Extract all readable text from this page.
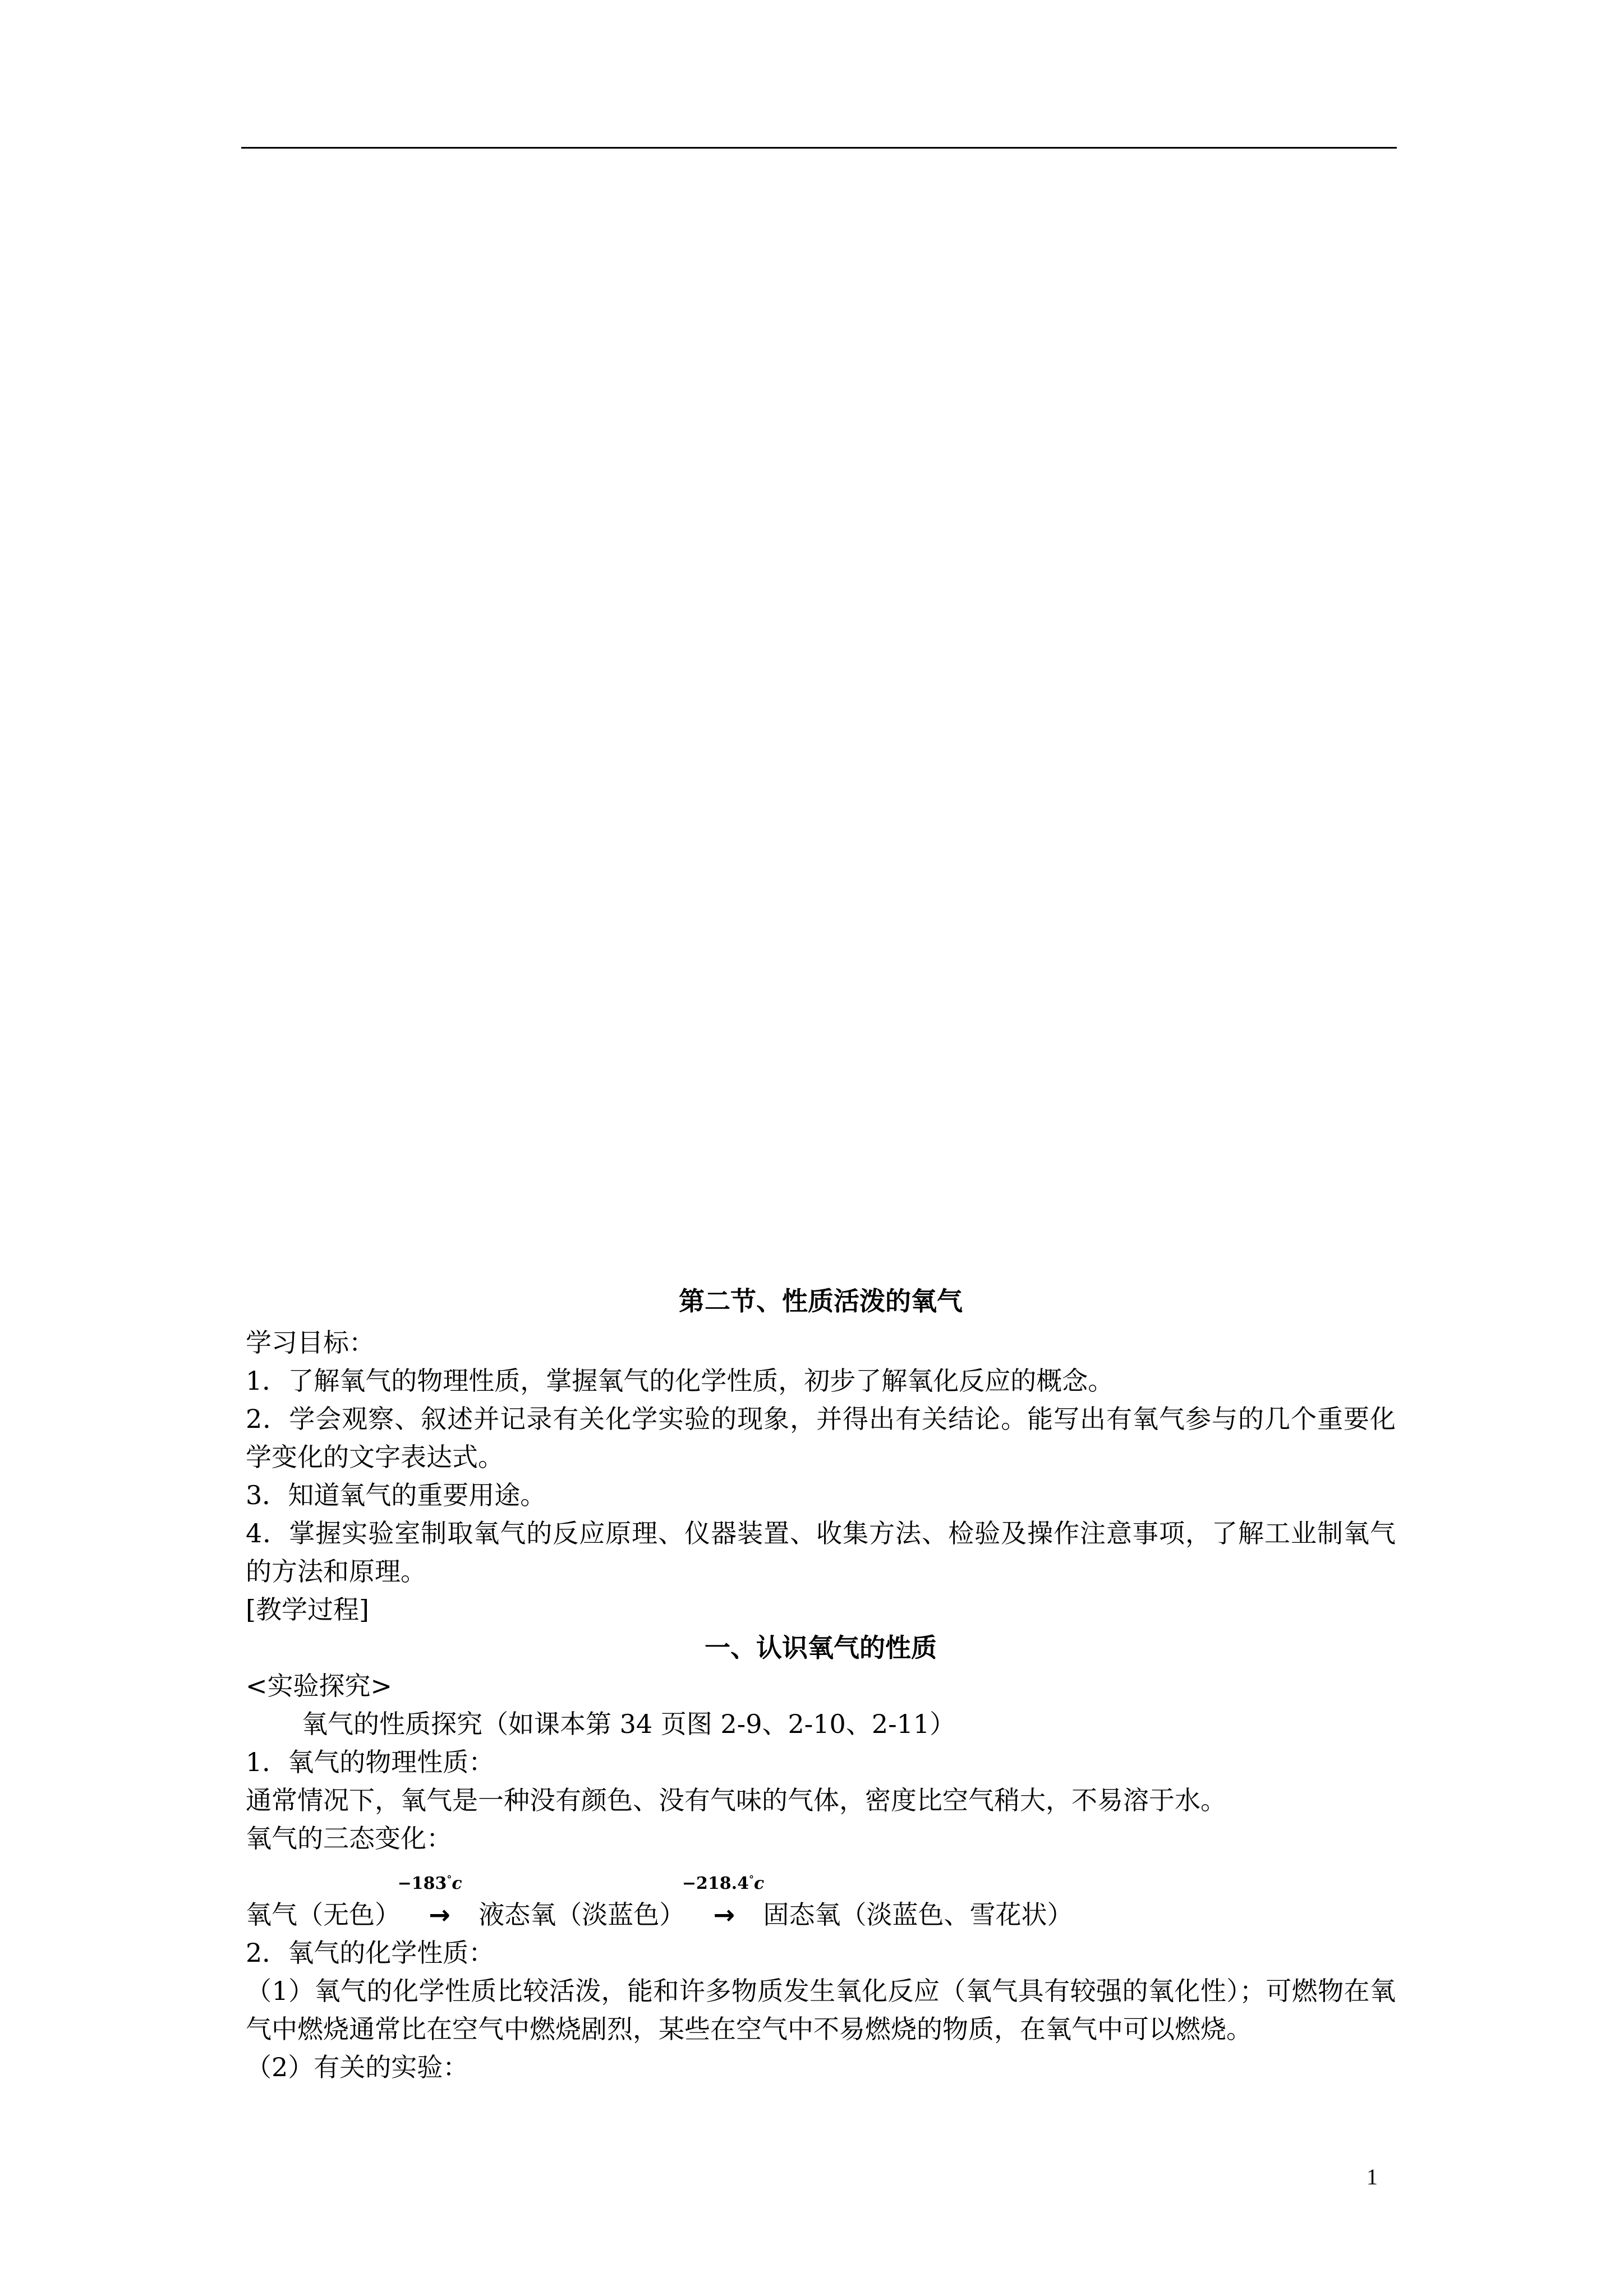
第二节、性质活泼的氧气
学习目标：
1．了解氧气的物理性质，掌握氧气的化学性质，初步了解氧化反应的概念。
2．学会观察、叙述并记录有关化学实验的现象，并得出有关结论。能写出有氧气参与的几个重要化学变化的文字表达式。
3．知道氧气的重要用途。
4．掌握实验室制取氧气的反应原理、仪器装置、收集方法、检验及操作注意事项，了解工业制氧气的方法和原理。
[教学过程]
一、认识氧气的性质
<实验探究>
氧气的性质探究（如课本第 34 页图 2-9、2-10、2-11）
1．氧气的物理性质：
通常情况下，氧气是一种没有颜色、没有气味的气体，密度比空气稍大，不易溶于水。
氧气的三态变化：
氧气（无色）
−183°c
→ 液态氧（淡蓝色）
−218.4°c
→ 固态氧（淡蓝色、雪花状）
2．氧气的化学性质：
（1）氧气的化学性质比较活泼，能和许多物质发生氧化反应（氧气具有较强的氧化性）；可燃物在氧气中燃烧通常比在空气中燃烧剧烈，某些在空气中不易燃烧的物质，在氧气中可以燃烧。
（2）有关的实验：
1
